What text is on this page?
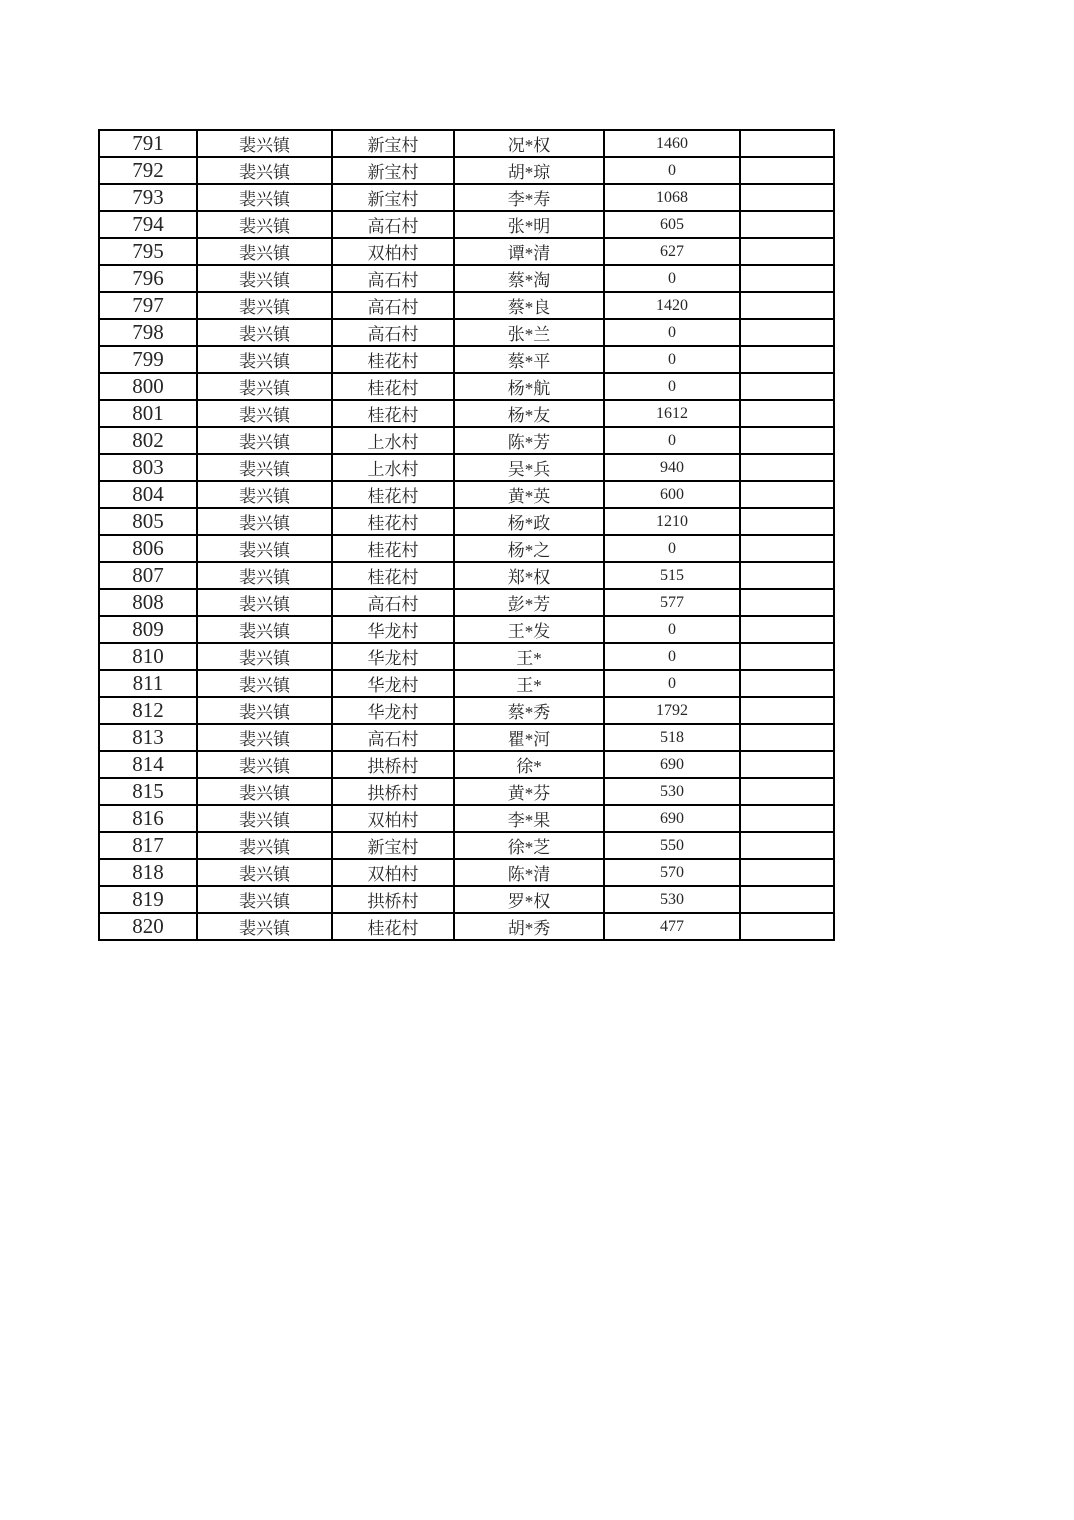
791	裴兴镇	新宝村	况*权	1460	
792	裴兴镇	新宝村	胡*琼	0	
793	裴兴镇	新宝村	李*寿	1068	
794	裴兴镇	高石村	张*明	605	
795	裴兴镇	双柏村	谭*清	627	
796	裴兴镇	高石村	蔡*淘	0	
797	裴兴镇	高石村	蔡*良	1420	
798	裴兴镇	高石村	张*兰	0	
799	裴兴镇	桂花村	蔡*平	0	
800	裴兴镇	桂花村	杨*航	0	
801	裴兴镇	桂花村	杨*友	1612	
802	裴兴镇	上水村	陈*芳	0	
803	裴兴镇	上水村	吴*兵	940	
804	裴兴镇	桂花村	黄*英	600	
805	裴兴镇	桂花村	杨*政	1210	
806	裴兴镇	桂花村	杨*之	0	
807	裴兴镇	桂花村	郑*权	515	
808	裴兴镇	高石村	彭*芳	577	
809	裴兴镇	华龙村	王*发	0	
810	裴兴镇	华龙村	王*	0	
811	裴兴镇	华龙村	王*	0	
812	裴兴镇	华龙村	蔡*秀	1792	
813	裴兴镇	高石村	瞿*河	518	
814	裴兴镇	拱桥村	徐*	690	
815	裴兴镇	拱桥村	黄*芬	530	
816	裴兴镇	双柏村	李*果	690	
817	裴兴镇	新宝村	徐*芝	550	
818	裴兴镇	双柏村	陈*清	570	
819	裴兴镇	拱桥村	罗*权	530	
820	裴兴镇	桂花村	胡*秀	477	
